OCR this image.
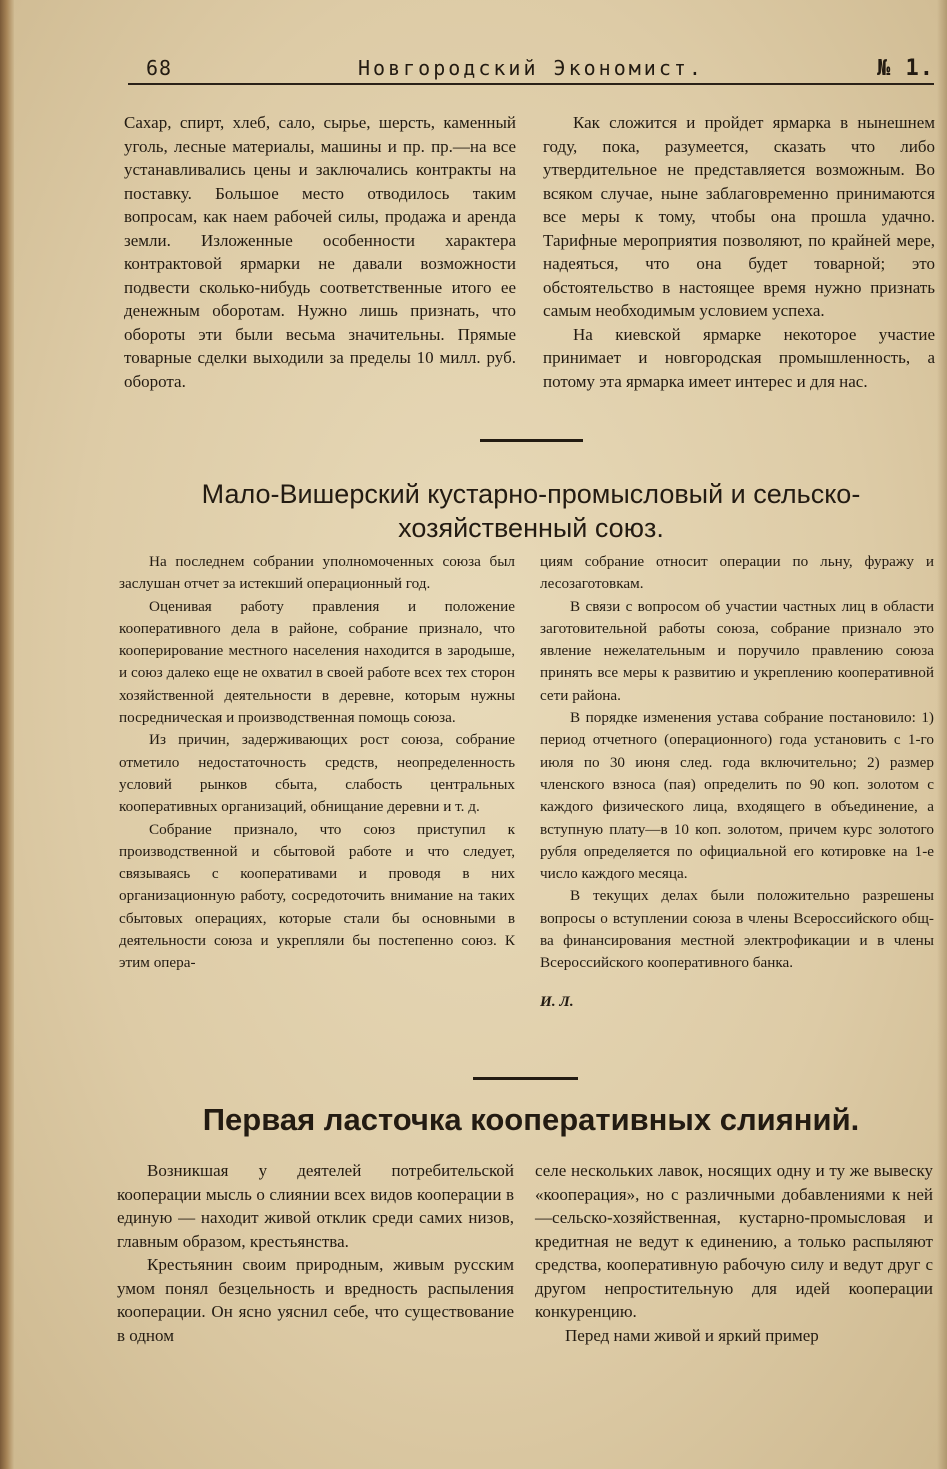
68	Новгородский Экономист.	№ 1.

Сахар, спирт, хлеб, сало, сырье, шерсть, каменный уголь, лесные материалы, машины и пр. пр.—на все устанавливались цены и заключались контракты на поставку. Большое место отводилось таким вопросам, как наем рабочей силы, продажа и аренда земли. Изложенные особенности характера контрактовой ярмарки не давали возможности подвести сколько-нибудь соответственные итого ее денежным оборотам. Нужно лишь признать, что обороты эти были весьма значительны. Прямые товарные сделки выходили за пределы 10 милл. руб. оборота.

Как сложится и пройдет ярмарка в нынешнем году, пока, разумеется, сказать что либо утвердительное не представляется возможным. Во всяком случае, ныне заблаговременно принимаются все меры к тому, чтобы она прошла удачно. Тарифные мероприятия позволяют, по крайней мере, надеяться, что она будет товарной; это обстоятельство в настоящее время нужно признать самым необходимым условием успеха.

На киевской ярмарке некоторое участие принимает и новгородская промышленность, а потому эта ярмарка имеет интерес и для нас.

Мало-Вишерский кустарно-промысловый и сельско-хозяйственный союз.

На последнем собрании уполномоченных союза был заслушан отчет за истекший операционный год.

Оценивая работу правления и положение кооперативного дела в районе, собрание признало, что кооперирование местного населения находится в зародыше, и союз далеко еще не охватил в своей работе всех тех сторон хозяйственной деятельности в деревне, которым нужны посредническая и производственная помощь союза.

Из причин, задерживающих рост союза, собрание отметило недостаточность средств, неопределенность условий рынков сбыта, слабость центральных кооперативных организаций, обнищание деревни и т. д.

Собрание признало, что союз приступил к производственной и сбытовой работе и что следует, связываясь с кооперативами и проводя в них организационную работу, сосредоточить внимание на таких сбытовых операциях, которые стали бы основными в деятельности союза и укрепляли бы постепенно союз. К этим опера-

циям собрание относит операции по льну, фуражу и лесозаготовкам.

В связи с вопросом об участии частных лиц в области заготовительной работы союза, собрание признало это явление нежелательным и поручило правлению союза принять все меры к развитию и укреплению кооперативной сети района.

В порядке изменения устава собрание постановило: 1) период отчетного (операционного) года установить с 1-го июля по 30 июня след. года включительно; 2) размер членского взноса (пая) определить по 90 коп. золотом с каждого физического лица, входящего в объединение, а вступную плату—в 10 коп. золотом, причем курс золотого рубля определяется по официальной его котировке на 1-е число каждого месяца.

В текущих делах были положительно разрешены вопросы о вступлении союза в члены Всероссийского общ-ва финансирования местной электрофикации и в члены Всероссийского кооперативного банка.

И. Л.
Первая ласточка кооперативных слияний.

Возникшая у деятелей потребительской кооперации мысль о слиянии всех видов кооперации в единую — находит живой отклик среди самих низов, главным образом, крестьянства.

Крестьянин своим природным, живым русским умом понял безцельность и вредность распыления кооперации. Он ясно уяснил себе, что существование в одном

селе нескольких лавок, носящих одну и ту же вывеску «кооперация», но с различными добавлениями к ней—сельско-хозяйственная, кустарно-промысловая и кредитная не ведут к единению, а только распыляют средства, кооперативную рабочую силу и ведут друг с другом непростительную для идей кооперации конкуренцию.

Перед нами живой и яркий пример
